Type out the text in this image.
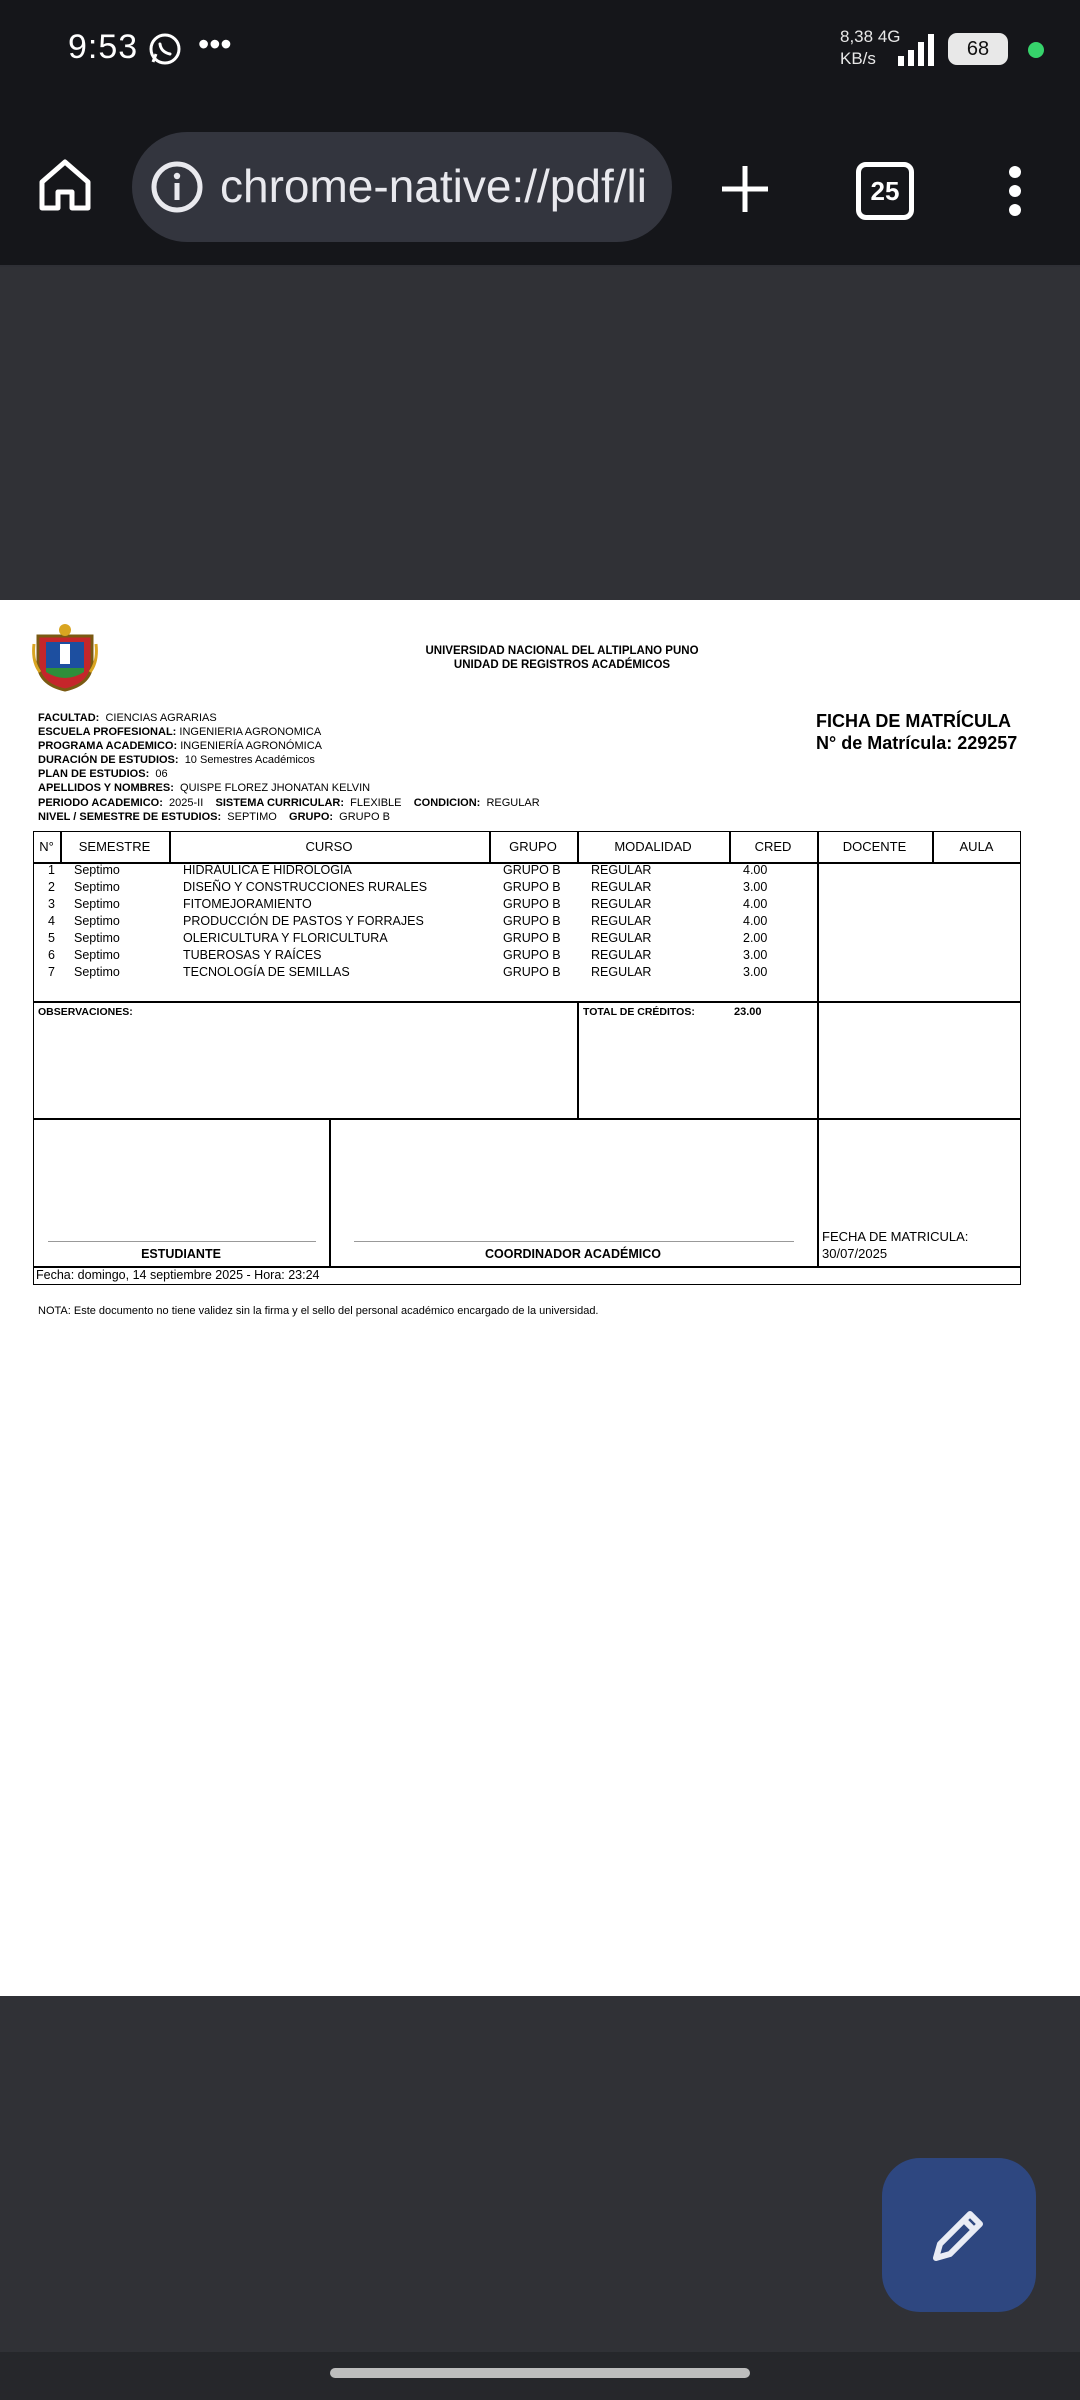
9:53 •••	8,38 4G
KB/s	68
chrome-native://pdf/li	25
UNIVERSIDAD NACIONAL DEL ALTIPLANO PUNO
UNIDAD DE REGISTROS ACADÉMICOS
FICHA DE MATRÍCULA
N° de Matrícula: 229257
FACULTAD: CIENCIAS AGRARIAS
ESCUELA PROFESIONAL: INGENIERIA AGRONOMICA
PROGRAMA ACADEMICO: INGENIERÍA AGRONÓMICA
DURACIÓN DE ESTUDIOS: 10 Semestres Académicos
PLAN DE ESTUDIOS: 06
APELLIDOS Y NOMBRES: QUISPE FLOREZ JHONATAN KELVIN
PERIODO ACADEMICO: 2025-II SISTEMA CURRICULAR: FLEXIBLE CONDICION: REGULAR
NIVEL / SEMESTRE DE ESTUDIOS: SEPTIMO GRUPO: GRUPO B
N°	SEMESTRE	CURSO	GRUPO	MODALIDAD	CRED	DOCENTE	AULA
1 Septimo	HIDRÁULICA E HIDROLOGÍA	GRUPO B REGULAR	4.00
2 Septimo	DISEÑO Y CONSTRUCCIONES RURALES	GRUPO B REGULAR	3.00
3 Septimo	FITOMEJORAMIENTO	GRUPO B REGULAR	4.00
4 Septimo	PRODUCCIÓN DE PASTOS Y FORRAJES	GRUPO B REGULAR	4.00
5 Septimo	OLERICULTURA Y FLORICULTURA	GRUPO B REGULAR	2.00
6 Septimo	TUBEROSAS Y RAÍCES	GRUPO B REGULAR	3.00
7 Septimo	TECNOLOGÍA DE SEMILLAS	GRUPO B REGULAR	3.00
OBSERVACIONES:	TOTAL DE CRÉDITOS:	23.00
ESTUDIANTE	COORDINADOR ACADÉMICO
FECHA DE MATRICULA:
30/07/2025
Fecha: domingo, 14 septiembre 2025 - Hora: 23:24
NOTA: Este documento no tiene validez sin la firma y el sello del personal académico encargado de la universidad.
